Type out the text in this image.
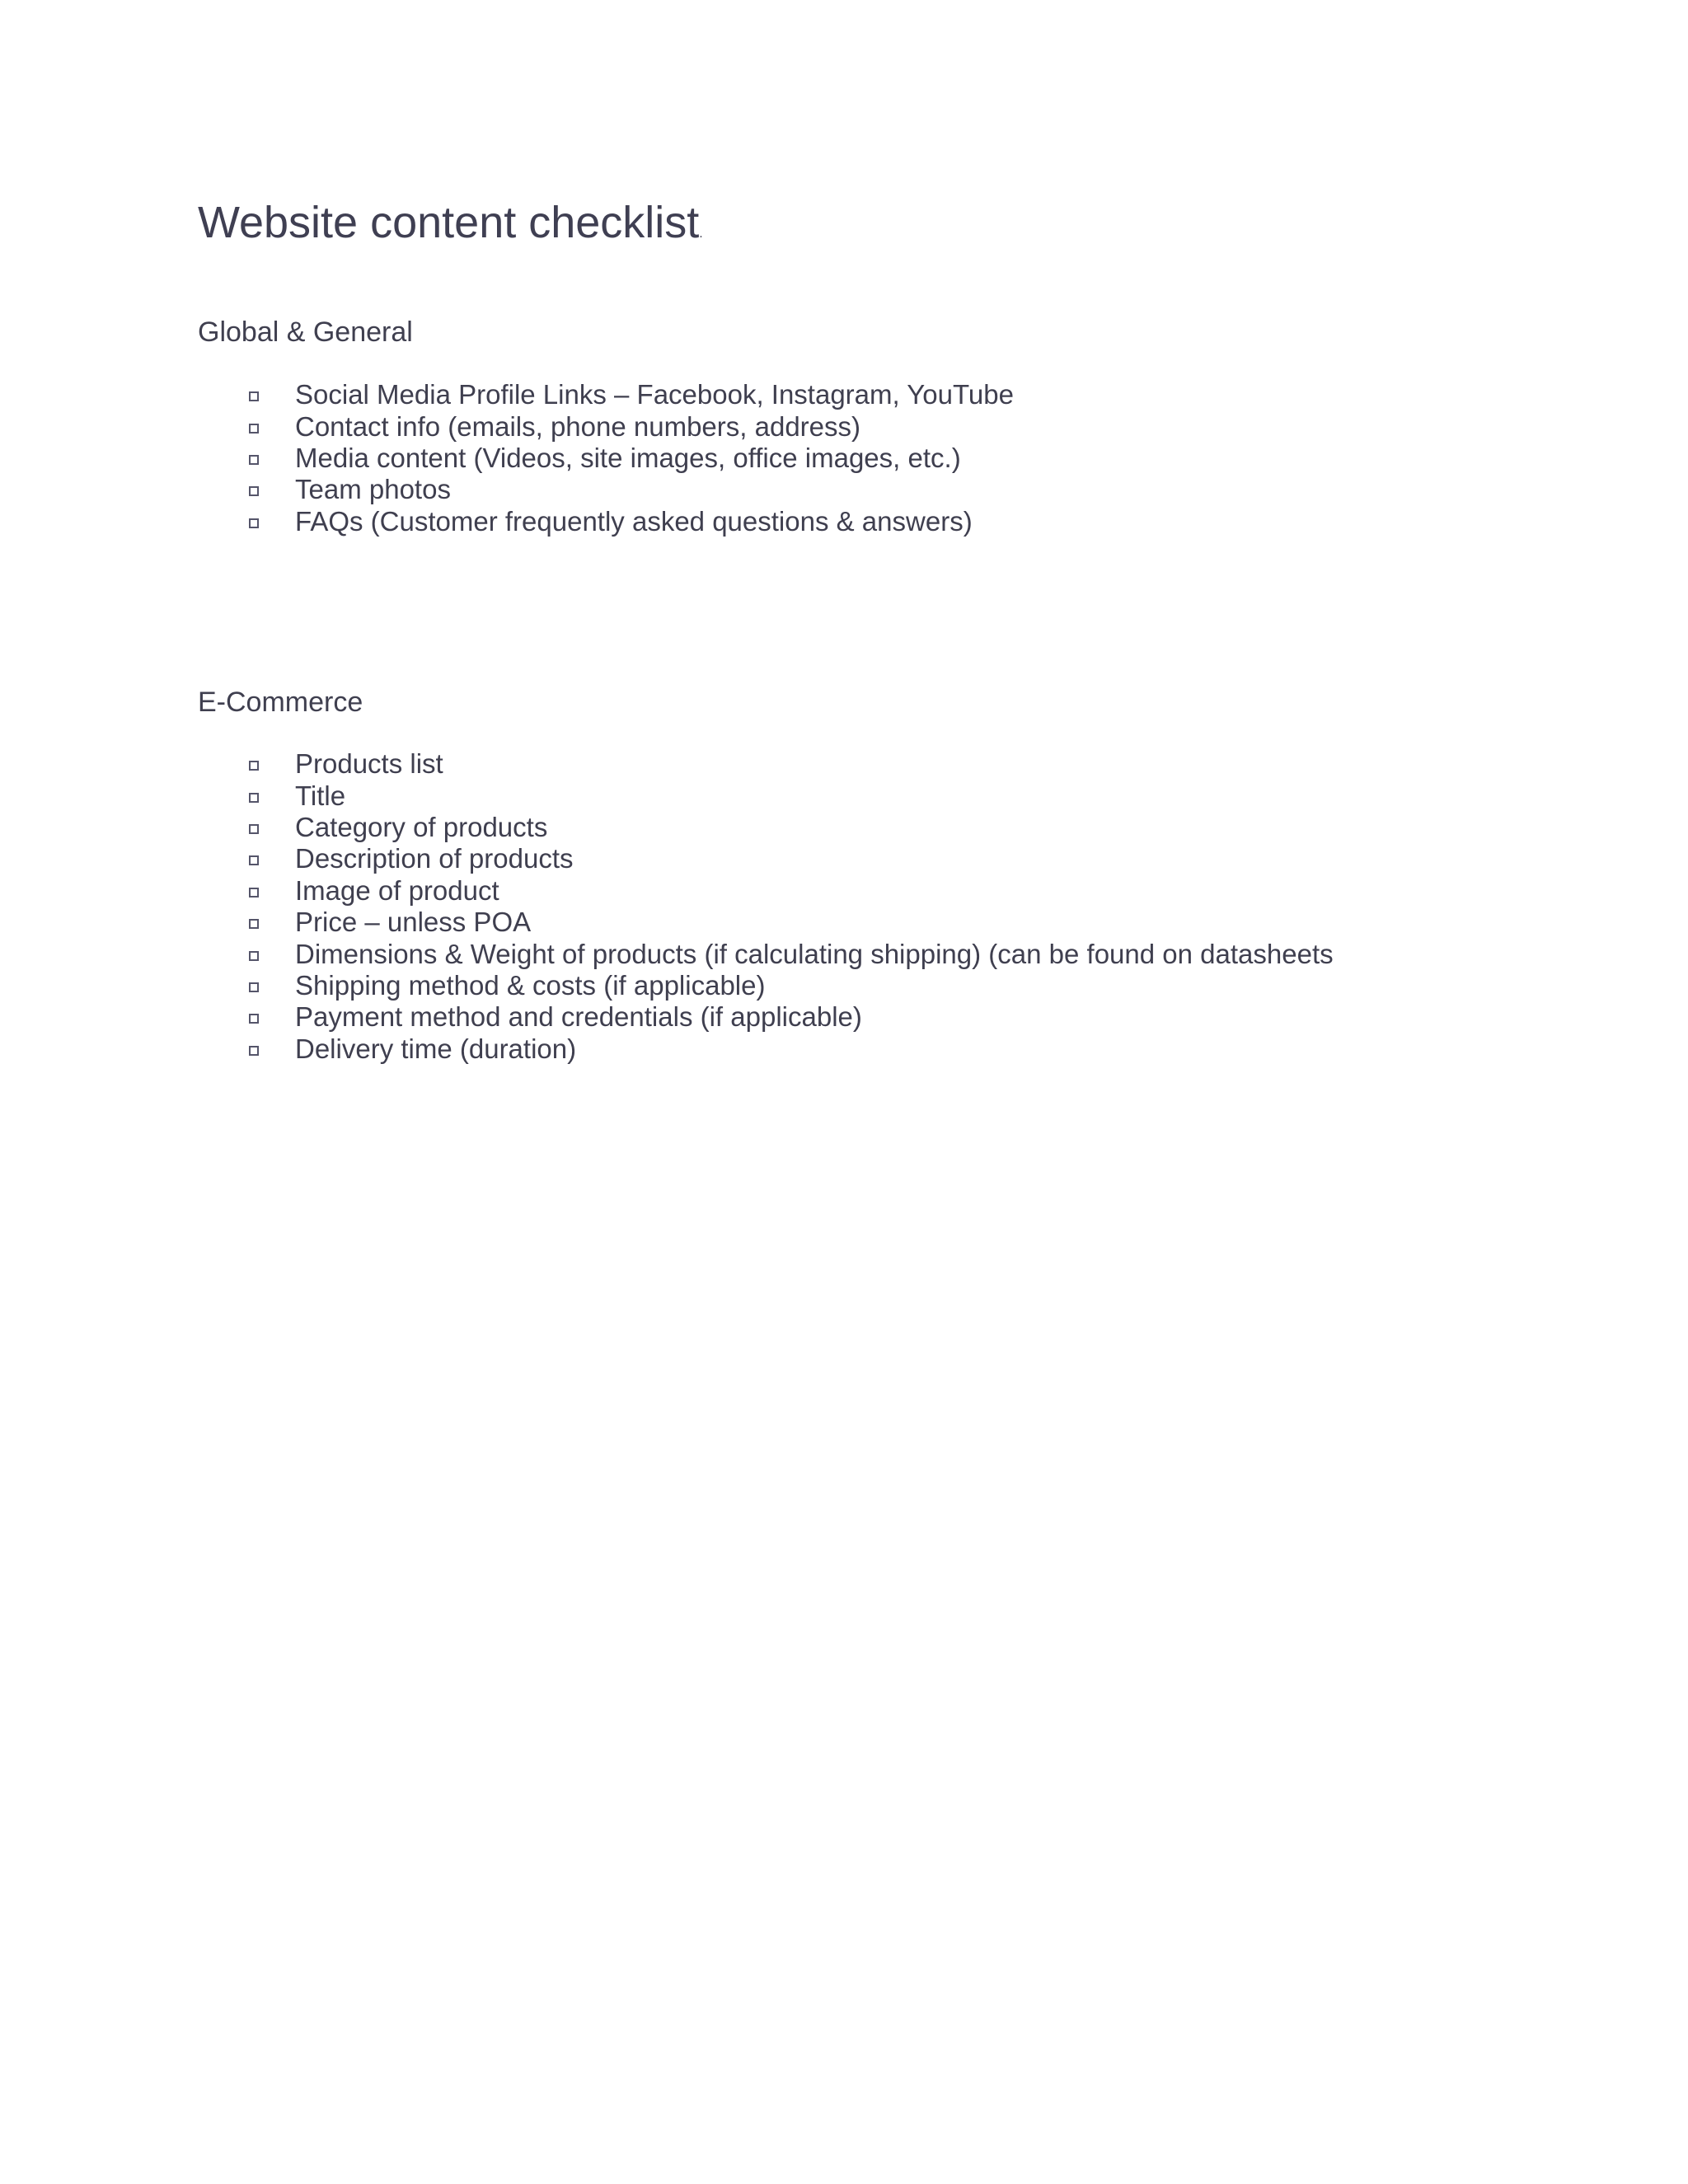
Website content checklist.
Global & General
Social Media Profile Links – Facebook, Instagram, YouTube
Contact info (emails, phone numbers, address)
Media content (Videos, site images, office images, etc.)
Team photos
FAQs (Customer frequently asked questions & answers)
E-Commerce
Products list
Title
Category of products
Description of products
Image of product
Price – unless POA
Dimensions & Weight of products (if calculating shipping) (can be found on datasheets
Shipping method & costs (if applicable)
Payment method and credentials (if applicable)
Delivery time (duration)
